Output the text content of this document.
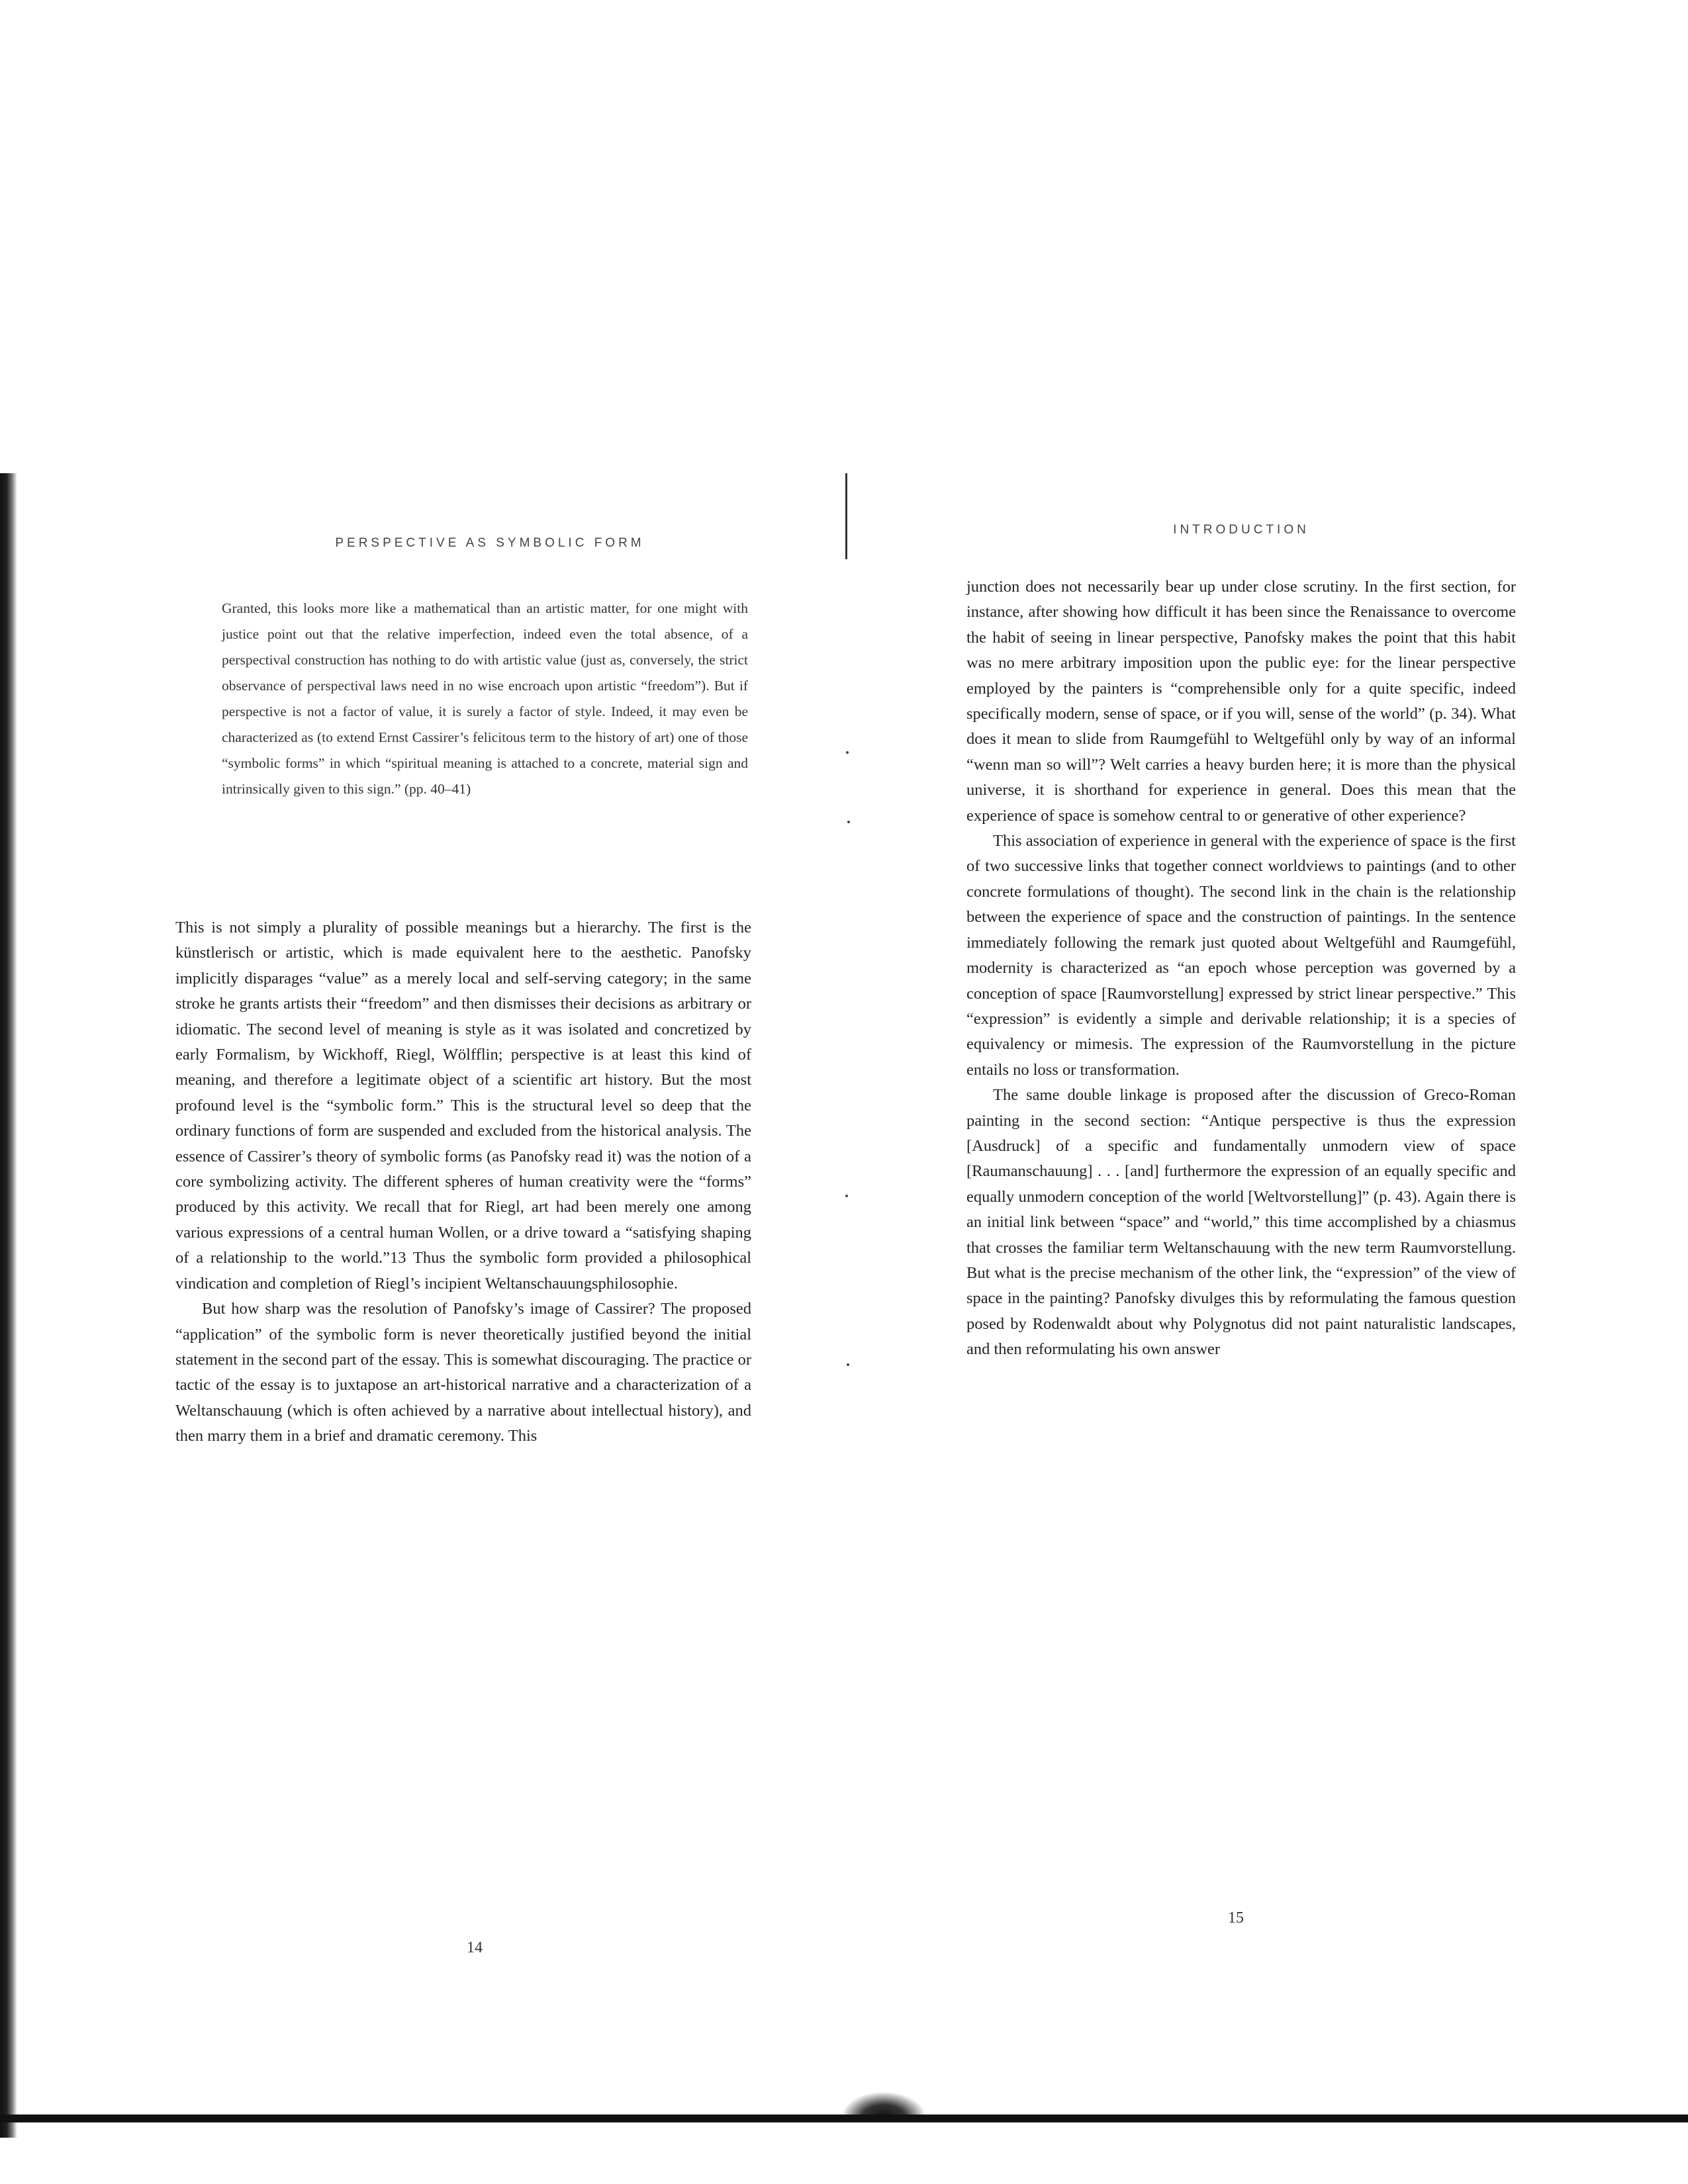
PERSPECTIVE AS SYMBOLIC FORM
Granted, this looks more like a mathematical than an artistic matter, for one might with justice point out that the relative imperfection, indeed even the total absence, of a perspectival construction has nothing to do with artistic value (just as, conversely, the strict observance of perspectival laws need in no wise encroach upon artistic “freedom”). But if perspective is not a factor of value, it is surely a factor of style. Indeed, it may even be characterized as (to extend Ernst Cassirer’s felicitous term to the history of art) one of those “symbolic forms” in which “spiritual meaning is attached to a concrete, material sign and intrinsically given to this sign.” (pp. 40–41)

This is not simply a plurality of possible meanings but a hierarchy. The first is the künstlerisch or artistic, which is made equivalent here to the aesthetic. Panofsky implicitly disparages “value” as a merely local and self-serving category; in the same stroke he grants artists their “freedom” and then dismisses their decisions as arbitrary or idiomatic. The second level of meaning is style as it was isolated and concretized by early Formalism, by Wickhoff, Riegl, Wölfflin; perspective is at least this kind of meaning, and therefore a legitimate object of a scientific art history. But the most profound level is the “symbolic form.” This is the structural level so deep that the ordinary functions of form are suspended and excluded from the historical analysis. The essence of Cassirer’s theory of symbolic forms (as Panofsky read it) was the notion of a core symbolizing activity. The different spheres of human creativity were the “forms” produced by this activity. We recall that for Riegl, art had been merely one among various expressions of a central human Wollen, or a drive toward a “satisfying shaping of a relationship to the world.”13 Thus the symbolic form provided a philosophical vindication and completion of Riegl’s incipient Weltanschauungsphilosophie.

But how sharp was the resolution of Panofsky’s image of Cassirer? The proposed “application” of the symbolic form is never theoretically justified beyond the initial statement in the second part of the essay. This is somewhat discouraging. The practice or tactic of the essay is to juxtapose an art-historical narrative and a characterization of a Weltanschauung (which is often achieved by a narrative about intellectual history), and then marry them in a brief and dramatic ceremony. This

14
INTRODUCTION

junction does not necessarily bear up under close scrutiny. In the first section, for instance, after showing how difficult it has been since the Renaissance to overcome the habit of seeing in linear perspective, Panofsky makes the point that this habit was no mere arbitrary imposition upon the public eye: for the linear perspective employed by the painters is “comprehensible only for a quite specific, indeed specifically modern, sense of space, or if you will, sense of the world” (p. 34). What does it mean to slide from Raumgefühl to Weltgefühl only by way of an informal “wenn man so will”? Welt carries a heavy burden here; it is more than the physical universe, it is shorthand for experience in general. Does this mean that the experience of space is somehow central to or generative of other experience?

This association of experience in general with the experience of space is the first of two successive links that together connect worldviews to paintings (and to other concrete formulations of thought). The second link in the chain is the relationship between the experience of space and the construction of paintings. In the sentence immediately following the remark just quoted about Weltgefühl and Raumgefühl, modernity is characterized as “an epoch whose perception was governed by a conception of space [Raumvorstellung] expressed by strict linear perspective.” This “expression” is evidently a simple and derivable relationship; it is a species of equivalency or mimesis. The expression of the Raumvorstellung in the picture entails no loss or transformation.

The same double linkage is proposed after the discussion of Greco-Roman painting in the second section: “Antique perspective is thus the expression [Ausdruck] of a specific and fundamentally unmodern view of space [Raumanschauung] . . . [and] furthermore the expression of an equally specific and equally unmodern conception of the world [Weltvorstellung]” (p. 43). Again there is an initial link between “space” and “world,” this time accomplished by a chiasmus that crosses the familiar term Weltanschauung with the new term Raumvorstellung. But what is the precise mechanism of the other link, the “expression” of the view of space in the painting? Panofsky divulges this by reformulating the famous question posed by Rodenwaldt about why Polygnotus did not paint naturalistic landscapes, and then reformulating his own answer

15
